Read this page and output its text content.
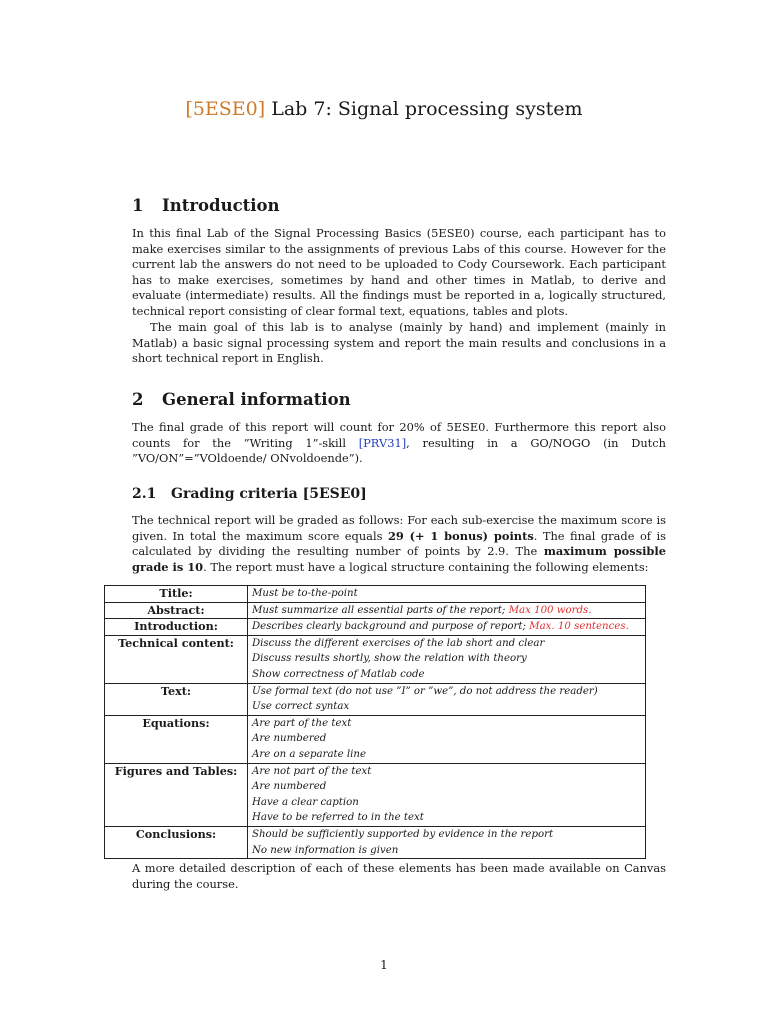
[5ESE0] Lab 7: Signal processing system
1 Introduction

In this final Lab of the Signal Processing Basics (5ESE0) course, each participant has to make exercises similar to the assignments of previous Labs of this course. However for the current lab the answers do not need to be uploaded to Cody Coursework. Each participant has to make exercises, sometimes by hand and other times in Matlab, to derive and evaluate (intermediate) results. All the findings must be reported in a, logically structured, technical report consisting of clear formal text, equations, tables and plots.

The main goal of this lab is to analyse (mainly by hand) and implement (mainly in Matlab) a basic signal processing system and report the main results and conclusions in a short technical report in English.

2 General information

The final grade of this report will count for 20% of 5ESE0. Furthermore this report also counts for the ”Writing 1”-skill [PRV31], resulting in a GO/NOGO (in Dutch ”VO/ON”=”VOldoende/ ONvoldoende”).

2.1 Grading criteria [5ESE0]

The technical report will be graded as follows: For each sub-exercise the maximum score is given. In total the maximum score equals 29 (+ 1 bonus) points. The final grade of is calculated by dividing the resulting number of points by 2.9. The maximum possible grade is 10. The report must have a logical structure containing the following elements:

Title:	Must be to-the-point

Abstract:	Must summarize all essential parts of the report; Max 100 words.

Introduction:	Describes clearly background and purpose of report; Max. 10 sentences.

Technical content:	Discuss the different exercises of the lab short and clear
Discuss results shortly, show the relation with theory
Show correctness of Matlab code

Text:	Use formal text (do not use ”I” or ”we”, do not address the reader)
Use correct syntax

Equations:	Are part of the text
Are numbered
Are on a separate line

Figures and Tables:	Are not part of the text
Are numbered
Have a clear caption
Have to be referred to in the text

Conclusions:	Should be sufficiently supported by evidence in the report
No new information is given

A more detailed description of each of these elements has been made available on Canvas during the course.

1
